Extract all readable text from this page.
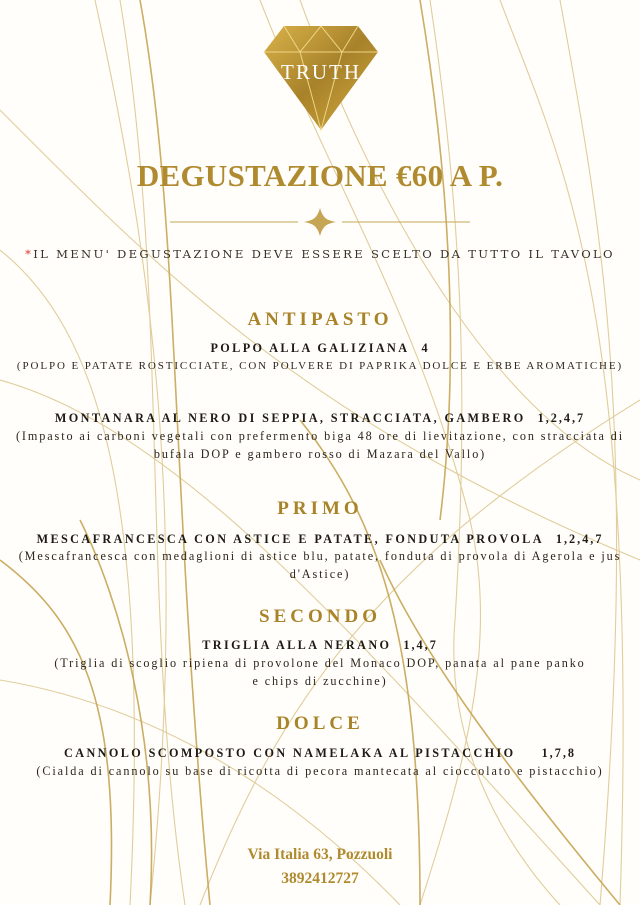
TRUTH
DEGUSTAZIONE €60 A P.
*IL MENU' DEGUSTAZIONE DEVE ESSERE SCELTO DA TUTTO IL TAVOLO
ANTIPASTO
POLPO ALLA GALIZIANA 4
(POLPO E PATATE ROSTICCIATE, CON POLVERE DI PAPRIKA DOLCE E ERBE AROMATICHE)
MONTANARA AL NERO DI SEPPIA, STRACCIATA, GAMBERO 1,2,4,7
(Impasto ai carboni vegetali con prefermento biga 48 ore di lievitazione, con stracciata di bufala DOP e gambero rosso di Mazara del Vallo)
PRIMO
MESCAFRANCESCA CON ASTICE E PATATE, FONDUTA PROVOLA 1,2,4,7
(Mescafrancesca con medaglioni di astice blu, patate, fonduta di provola di Agerola e jus d'Astice)
SECONDO
TRIGLIA ALLA NERANO 1,4,7
(Triglia di scoglio ripiena di provolone del Monaco DOP, panata al pane panko e chips di zucchine)
DOLCE
CANNOLO SCOMPOSTO CON NAMELAKA AL PISTACCHIO 1,7,8
(Cialda di cannolo su base di ricotta di pecora mantecata al cioccolato e pistacchio)
Via Italia 63, Pozzuoli
3892412727
